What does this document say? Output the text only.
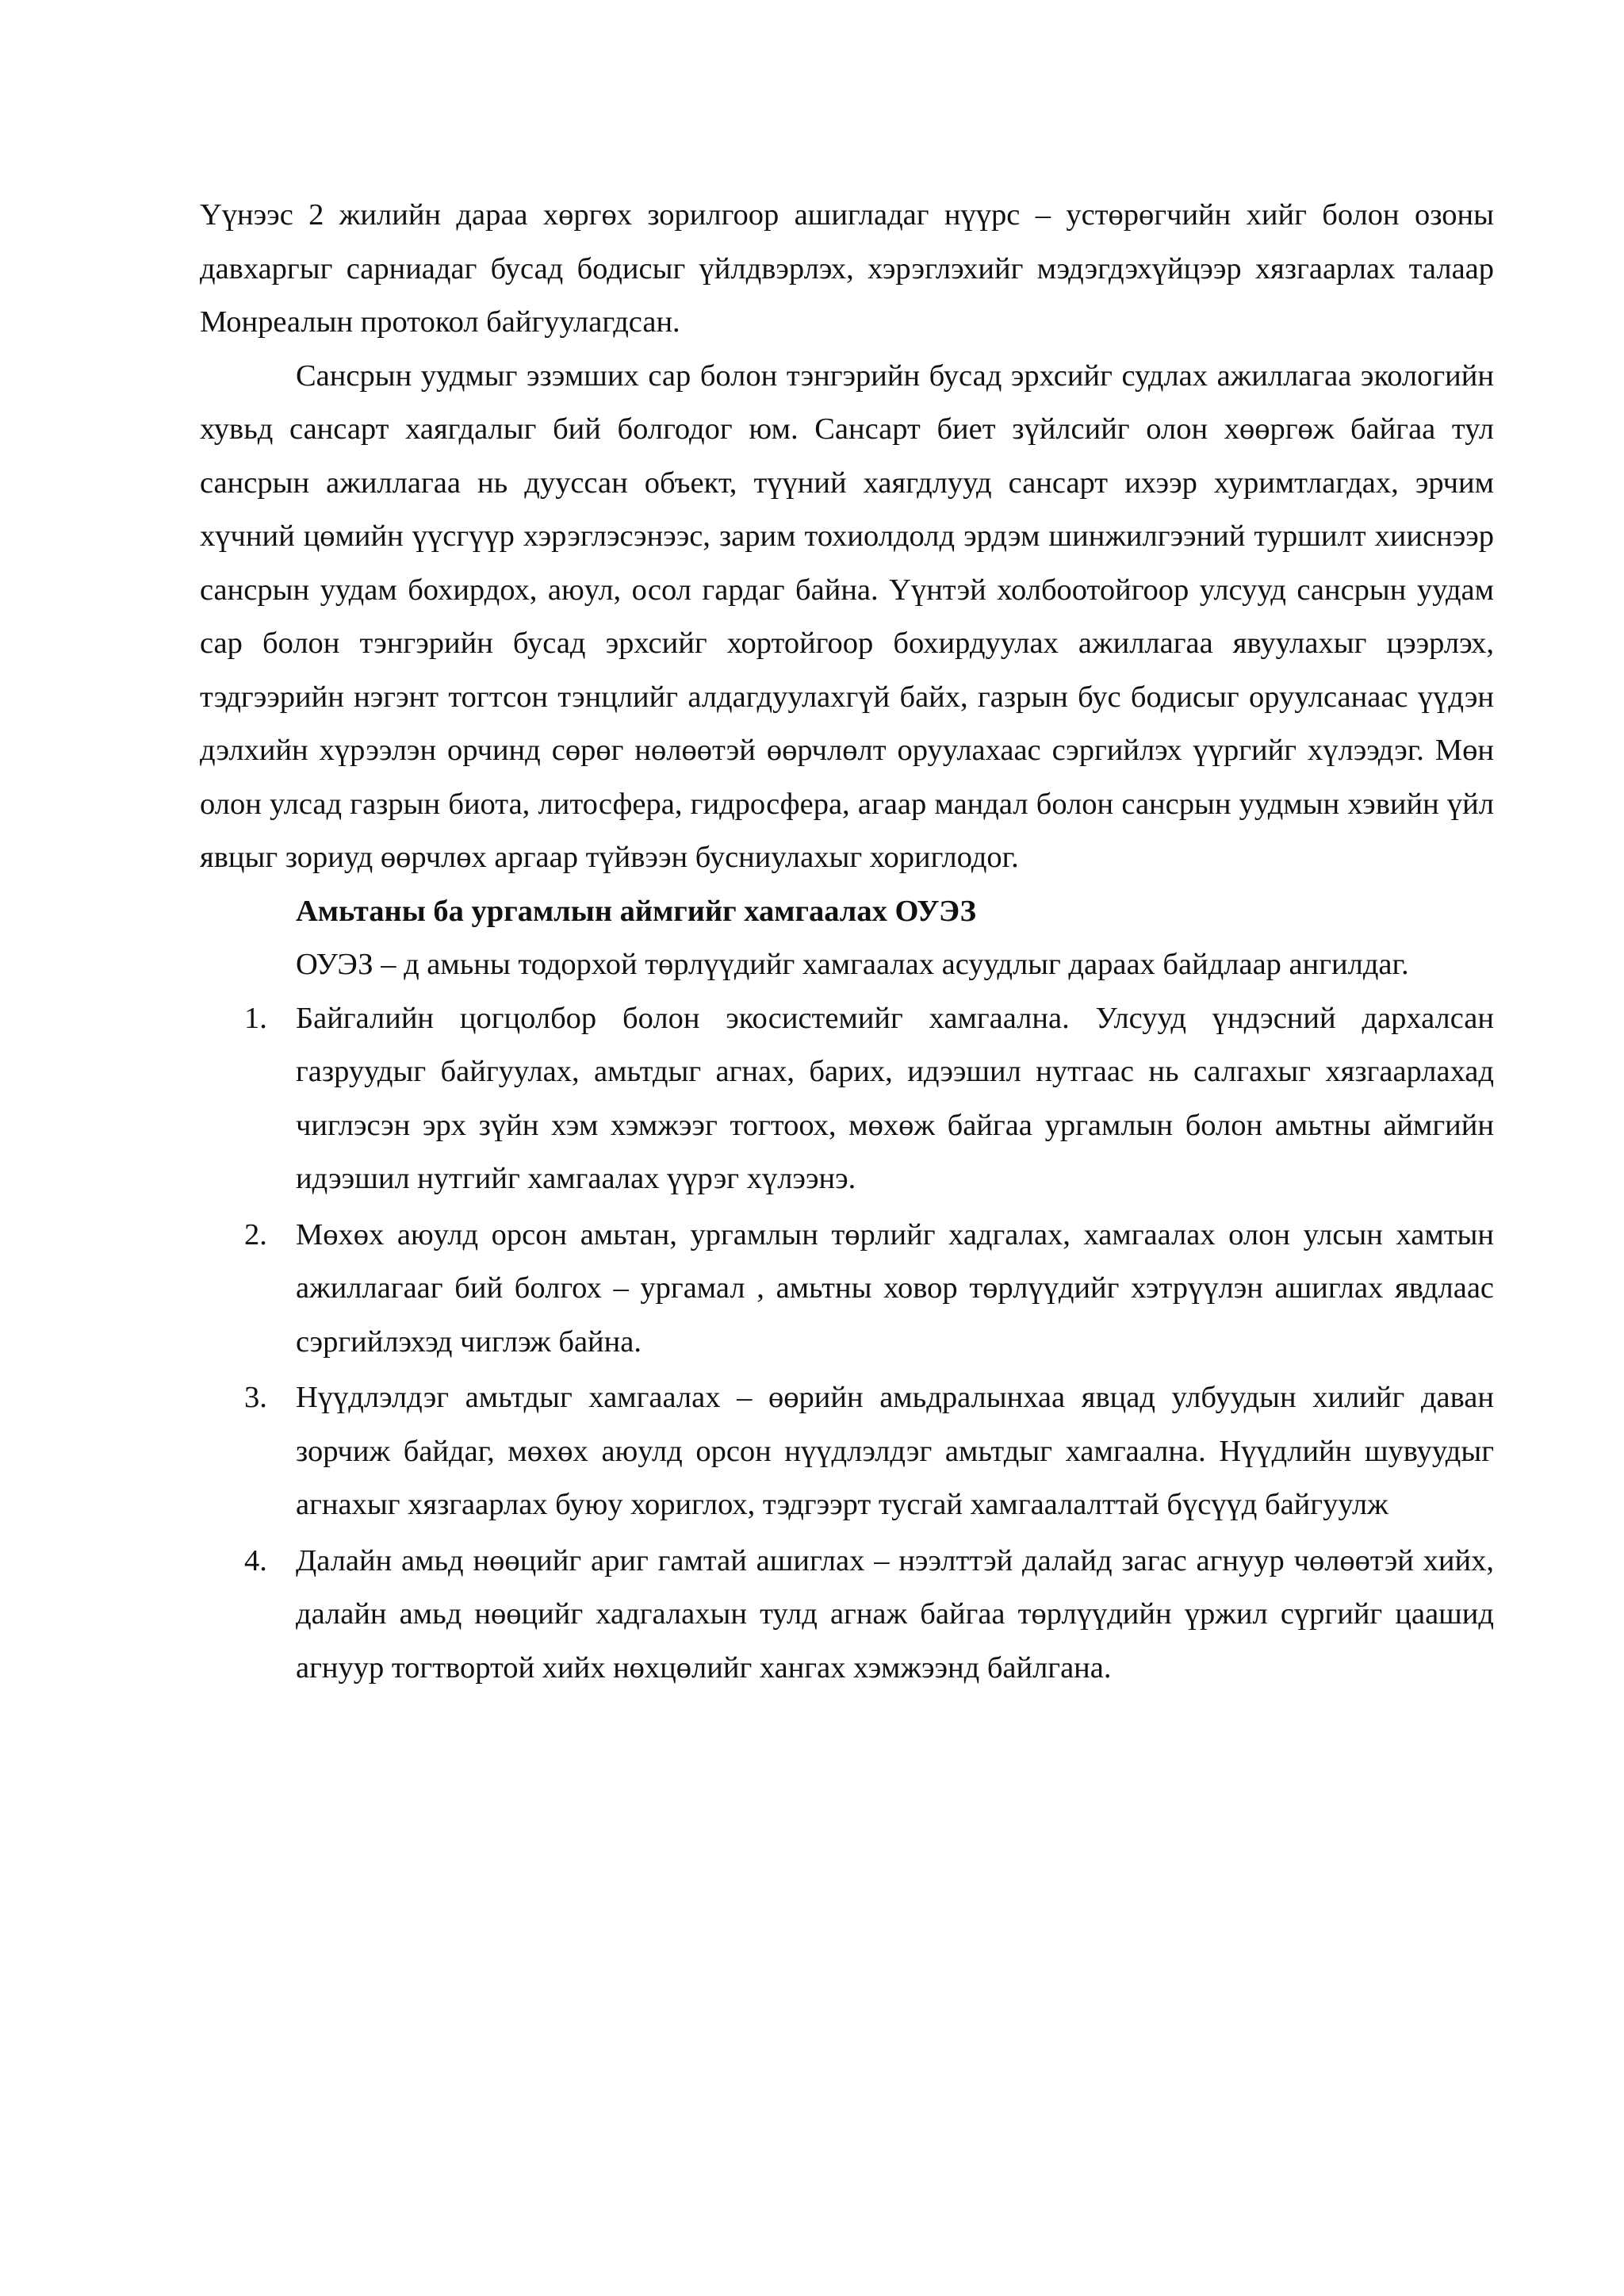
Үүнээс 2 жилийн дараа хөргөх зорилгоор ашигладаг нүүрс – устөрөгчийн хийг болон озоны давхаргыг сарниадаг бусад бодисыг үйлдвэрлэх, хэрэглэхийг мэдэгдэхүйцээр хязгаарлах талаар Монреалын протокол байгуулагдсан.

Сансрын уудмыг эзэмших сар болон тэнгэрийн бусад эрхсийг судлах ажиллагаа экологийн хувьд сансарт хаягдалыг бий болгодог юм. Сансарт биет зүйлсийг олон хөөргөж байгаа тул сансрын ажиллагаа нь дууссан объект, түүний хаягдлууд сансарт ихээр хуримтлагдах, эрчим хүчний цөмийн үүсгүүр хэрэглэсэнээс, зарим тохиолдолд эрдэм шинжилгээний туршилт хииснээр сансрын уудам бохирдох, аюул, осол гардаг байна. Үүнтэй холбоотойгоор улсууд сансрын уудам сар болон тэнгэрийн бусад эрхсийг хортойгоор бохирдуулах ажиллагаа явуулахыг цээрлэх, тэдгээрийн нэгэнт тогтсон тэнцлийг алдагдуулахгүй байх, газрын бус бодисыг оруулсанаас үүдэн дэлхийн хүрээлэн орчинд сөрөг нөлөөтэй өөрчлөлт оруулахаас сэргийлэх үүргийг хүлээдэг. Мөн олон улсад газрын биота, литосфера, гидросфера, агаар мандал болон сансрын уудмын хэвийн үйл явцыг зориуд өөрчлөх аргаар түйвээн бусниулахыг хориглодог.

Амьтаны ба ургамлын аймгийг хамгаалах ОУЭЗ

ОУЭЗ – д амьны тодорхой төрлүүдийг хамгаалах асуудлыг дараах байдлаар ангилдаг.

1. Байгалийн цогцолбор болон экосистемийг хамгаална. Улсууд үндэсний дархалсан газруудыг байгуулах, амьтдыг агнах, барих, идээшил нутгаас нь салгахыг хязгаарлахад чиглэсэн эрх зүйн хэм хэмжээг тогтоох, мөхөж байгаа ургамлын болон амьтны аймгийн идээшил нутгийг хамгаалах үүрэг хүлээнэ.
2. Мөхөх аюулд орсон амьтан, ургамлын төрлийг хадгалах, хамгаалах олон улсын хамтын ажиллагааг бий болгох – ургамал , амьтны ховор төрлүүдийг хэтрүүлэн ашиглах явдлаас сэргийлэхэд чиглэж байна.
3. Нүүдлэлдэг амьтдыг хамгаалах – өөрийн амьдралынхаа явцад улбуудын хилийг даван зорчиж байдаг, мөхөх аюулд орсон нүүдлэлдэг амьтдыг хамгаална. Нүүдлийн шувуудыг агнахыг хязгаарлах буюу хориглох, тэдгээрт тусгай хамгаалалттай бүсүүд байгуулж
4. Далайн амьд нөөцийг ариг гамтай ашиглах – нээлттэй далайд загас агнуур чөлөөтэй хийх, далайн амьд нөөцийг хадгалахын тулд агнаж байгаа төрлүүдийн үржил сүргийг цаашид агнуур тогтвортой хийх нөхцөлийг хангах хэмжээнд байлгана.
